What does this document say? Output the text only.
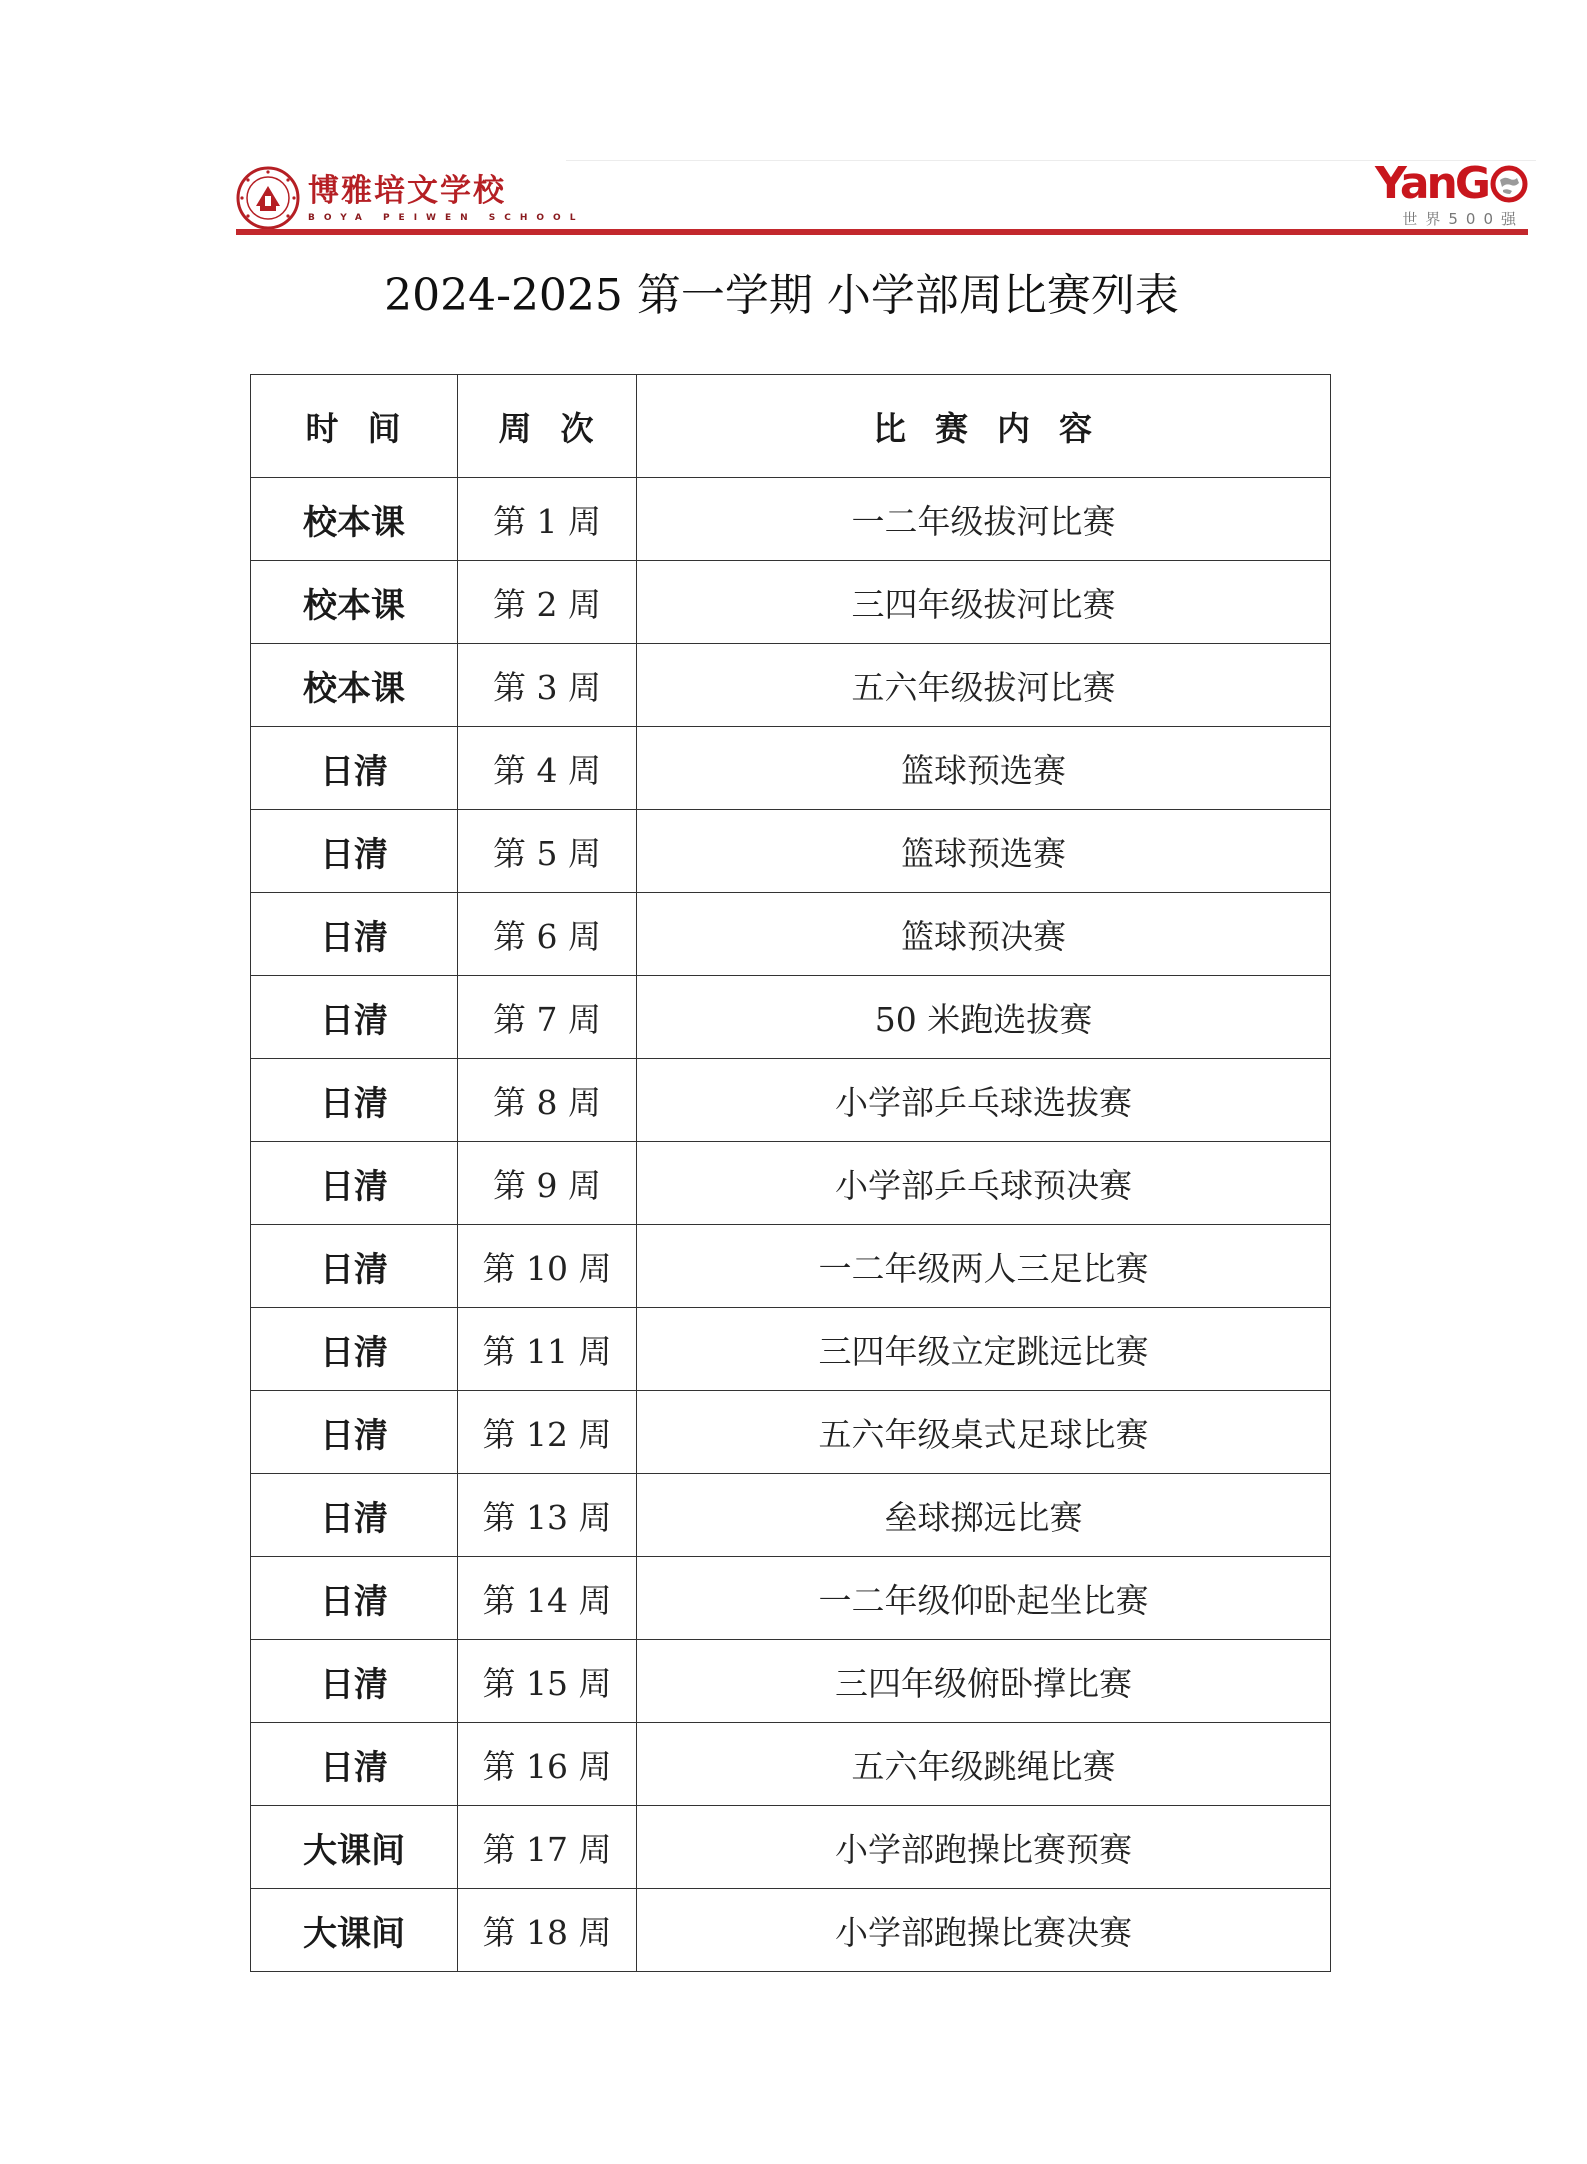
博雅培文学校
BOYA PEIWEN SCHOOL
YanG
世界500强
2024-2025 第一学期 小学部周比赛列表
时  间	周  次	比  赛  内  容
校本课	第 1 周	一二年级拔河比赛
校本课	第 2 周	三四年级拔河比赛
校本课	第 3 周	五六年级拔河比赛
日清	第 4 周	篮球预选赛
日清	第 5 周	篮球预选赛
日清	第 6 周	篮球预决赛
日清	第 7 周	50 米跑选拔赛
日清	第 8 周	小学部乒乓球选拔赛
日清	第 9 周	小学部乒乓球预决赛
日清	第 10 周	一二年级两人三足比赛
日清	第 11 周	三四年级立定跳远比赛
日清	第 12 周	五六年级桌式足球比赛
日清	第 13 周	垒球掷远比赛
日清	第 14 周	一二年级仰卧起坐比赛
日清	第 15 周	三四年级俯卧撑比赛
日清	第 16 周	五六年级跳绳比赛
大课间	第 17 周	小学部跑操比赛预赛
大课间	第 18 周	小学部跑操比赛决赛
